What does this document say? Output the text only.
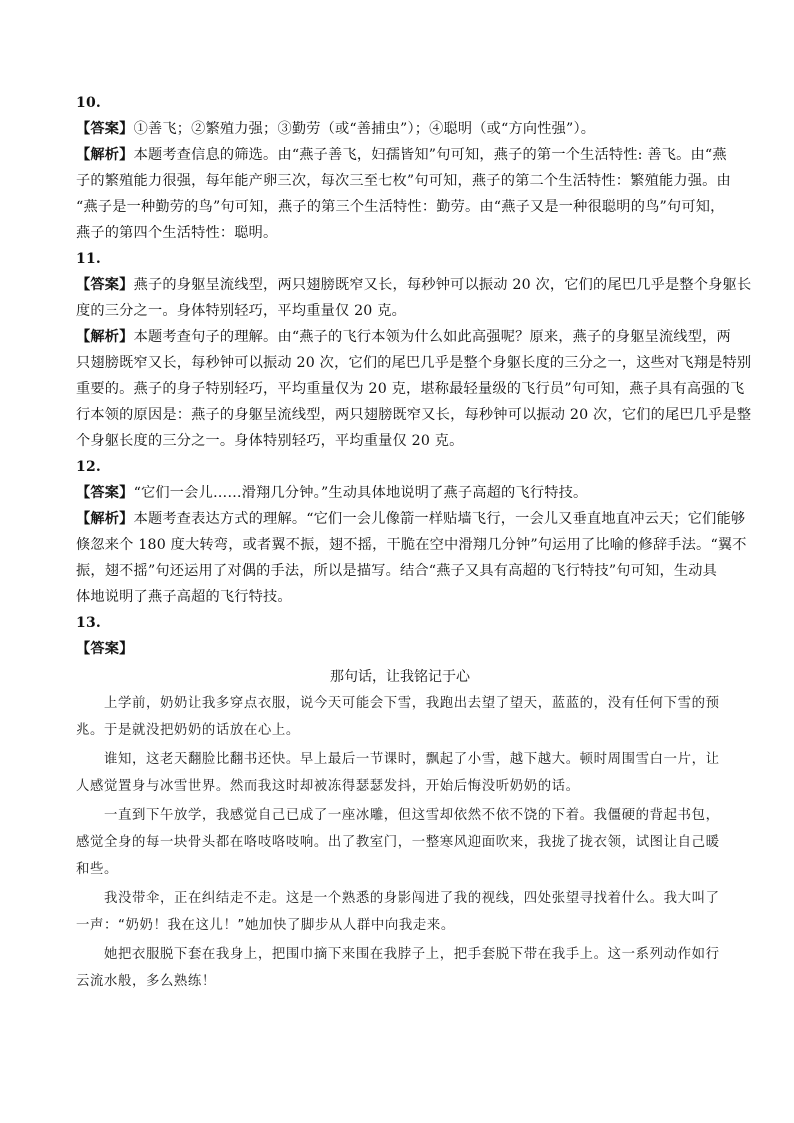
10.
【答案】①善飞；②繁殖力强；③勤劳（或“善捕虫”）；④聪明（或“方向性强”）。
【解析】本题考查信息的筛选。由“燕子善飞，妇孺皆知”句可知，燕子的第一个生活特性: 善飞。由“燕
子的繁殖能力很强，每年能产卵三次，每次三至七枚”句可知，燕子的第二个生活特性：繁殖能力强。由
“燕子是一种勤劳的鸟”句可知，燕子的第三个生活特性：勤劳。由“燕子又是一种很聪明的鸟”句可知，
燕子的第四个生活特性：聪明。
11.
【答案】燕子的身躯呈流线型，两只翅膀既窄又长，每秒钟可以振动 20 次，它们的尾巴几乎是整个身躯长
度的三分之一。身体特别轻巧，平均重量仅 20 克。
【解析】本题考查句子的理解。由“燕子的飞行本领为什么如此高强呢？原来，燕子的身躯呈流线型，两
只翅膀既窄又长，每秒钟可以振动 20 次，它们的尾巴几乎是整个身躯长度的三分之一，这些对飞翔是特别
重要的。燕子的身子特别轻巧，平均重量仅为 20 克，堪称最轻量级的飞行员”句可知，燕子具有高强的飞
行本领的原因是：燕子的身躯呈流线型，两只翅膀既窄又长，每秒钟可以振动 20 次，它们的尾巴几乎是整
个身躯长度的三分之一。身体特别轻巧，平均重量仅 20 克。
12.
【答案】“它们一会儿……滑翔几分钟。”生动具体地说明了燕子高超的飞行特技。
【解析】本题考查表达方式的理解。“它们一会儿像箭一样贴墙飞行，一会儿又垂直地直冲云天；它们能够
倏忽来个 180 度大转弯，或者翼不振，翅不摇，干脆在空中滑翔几分钟”句运用了比喻的修辞手法。“翼不
振，翅不摇”句还运用了对偶的手法，所以是描写。结合“燕子又具有高超的飞行特技”句可知，生动具
体地说明了燕子高超的飞行特技。
13.
【答案】
那句话，让我铭记于心
上学前，奶奶让我多穿点衣服，说今天可能会下雪，我跑出去望了望天，蓝蓝的，没有任何下雪的预
兆。于是就没把奶奶的话放在心上。
谁知，这老天翻脸比翻书还快。早上最后一节课时，飘起了小雪，越下越大。顿时周围雪白一片，让
人感觉置身与冰雪世界。然而我这时却被冻得瑟瑟发抖，开始后悔没听奶奶的话。
一直到下午放学，我感觉自己已成了一座冰雕，但这雪却依然不依不饶的下着。我僵硬的背起书包，
感觉全身的每一块骨头都在咯吱咯吱响。出了教室门，一整寒风迎面吹来，我拢了拢衣领，试图让自己暖
和些。
我没带伞，正在纠结走不走。这是一个熟悉的身影闯进了我的视线，四处张望寻找着什么。我大叫了
一声：“奶奶！我在这儿！”她加快了脚步从人群中向我走来。
她把衣服脱下套在我身上，把围巾摘下来围在我脖子上，把手套脱下带在我手上。这一系列动作如行
云流水般，多么熟练！
